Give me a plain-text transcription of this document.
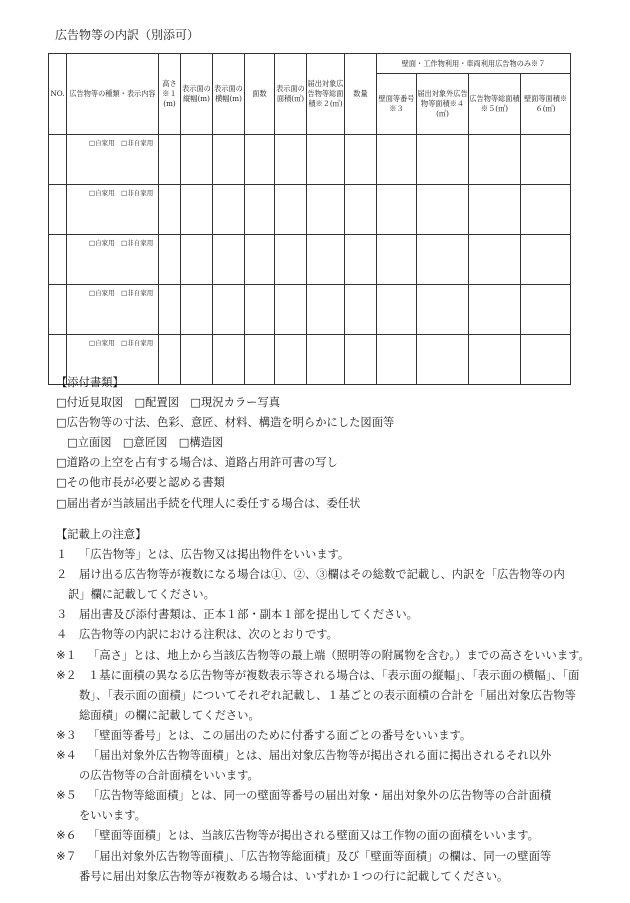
広告物等の内訳（別添可）
NO.	広告物等の種類・表示内容	高さ※１(m)	表示面の縦幅(m)	表示面の横幅(m)	面数	表示面の面積(㎡)	届出対象広告物等総面積※２(㎡)	数量	壁面・工作物利用・車両利用広告物のみ※７			
									壁面等番号※３	届出対象外広告物等面積※４(㎡)	広告物等総面積※５(㎡)	壁面等面積※６(㎡)
	□自家用　□非自家用											
	□自家用　□非自家用											
	□自家用　□非自家用											
	□自家用　□非自家用											
	□自家用　□非自家用											
【添付書類】
□付近見取図　□配置図　□現況カラー写真
□広告物等の寸法、色彩、意匠、材料、構造を明らかにした図面等
□立面図　□意匠図　□構造図
□道路の上空を占有する場合は、道路占用許可書の写し
□その他市長が必要と認める書類
□届出者が当該届出手続を代理人に委任する場合は、委任状
【記載上の注意】
１ 「広告物等」とは、広告物又は掲出物件をいいます。
２ 届け出る広告物等が複数になる場合は①、②、③欄はその総数で記載し、内訳を「広告物等の内
訳」欄に記載してください。
３ 届出書及び添付書類は、正本１部・副本１部を提出してください。
４ 広告物等の内訳における注釈は、次のとおりです。
※１ 「高さ」とは、地上から当該広告物等の最上端（照明等の附属物を含む。）までの高さをいいます。
※２ １基に面積の異なる広告物等が複数表示等される場合は、「表示面の縦幅」、「表示面の横幅」、「面
数」、「表示面の面積」についてそれぞれ記載し、１基ごとの表示面積の合計を「届出対象広告物等
総面積」の欄に記載してください。
※３ 「壁面等番号」とは、この届出のために付番する面ごとの番号をいいます。
※４ 「届出対象外広告物等面積」とは、届出対象広告物等が掲出される面に掲出されるそれ以外
の広告物等の合計面積をいいます。
※５ 「広告物等総面積」とは、同一の壁面等番号の届出対象・届出対象外の広告物等の合計面積
をいいます。
※６ 「壁面等面積」とは、当該広告物等が掲出される壁面又は工作物の面の面積をいいます。
※７ 「届出対象外広告物等面積」、「広告物等総面積」及び「壁面等面積」の欄は、同一の壁面等
番号に届出対象広告物等が複数ある場合は、いずれか１つの行に記載してください。
